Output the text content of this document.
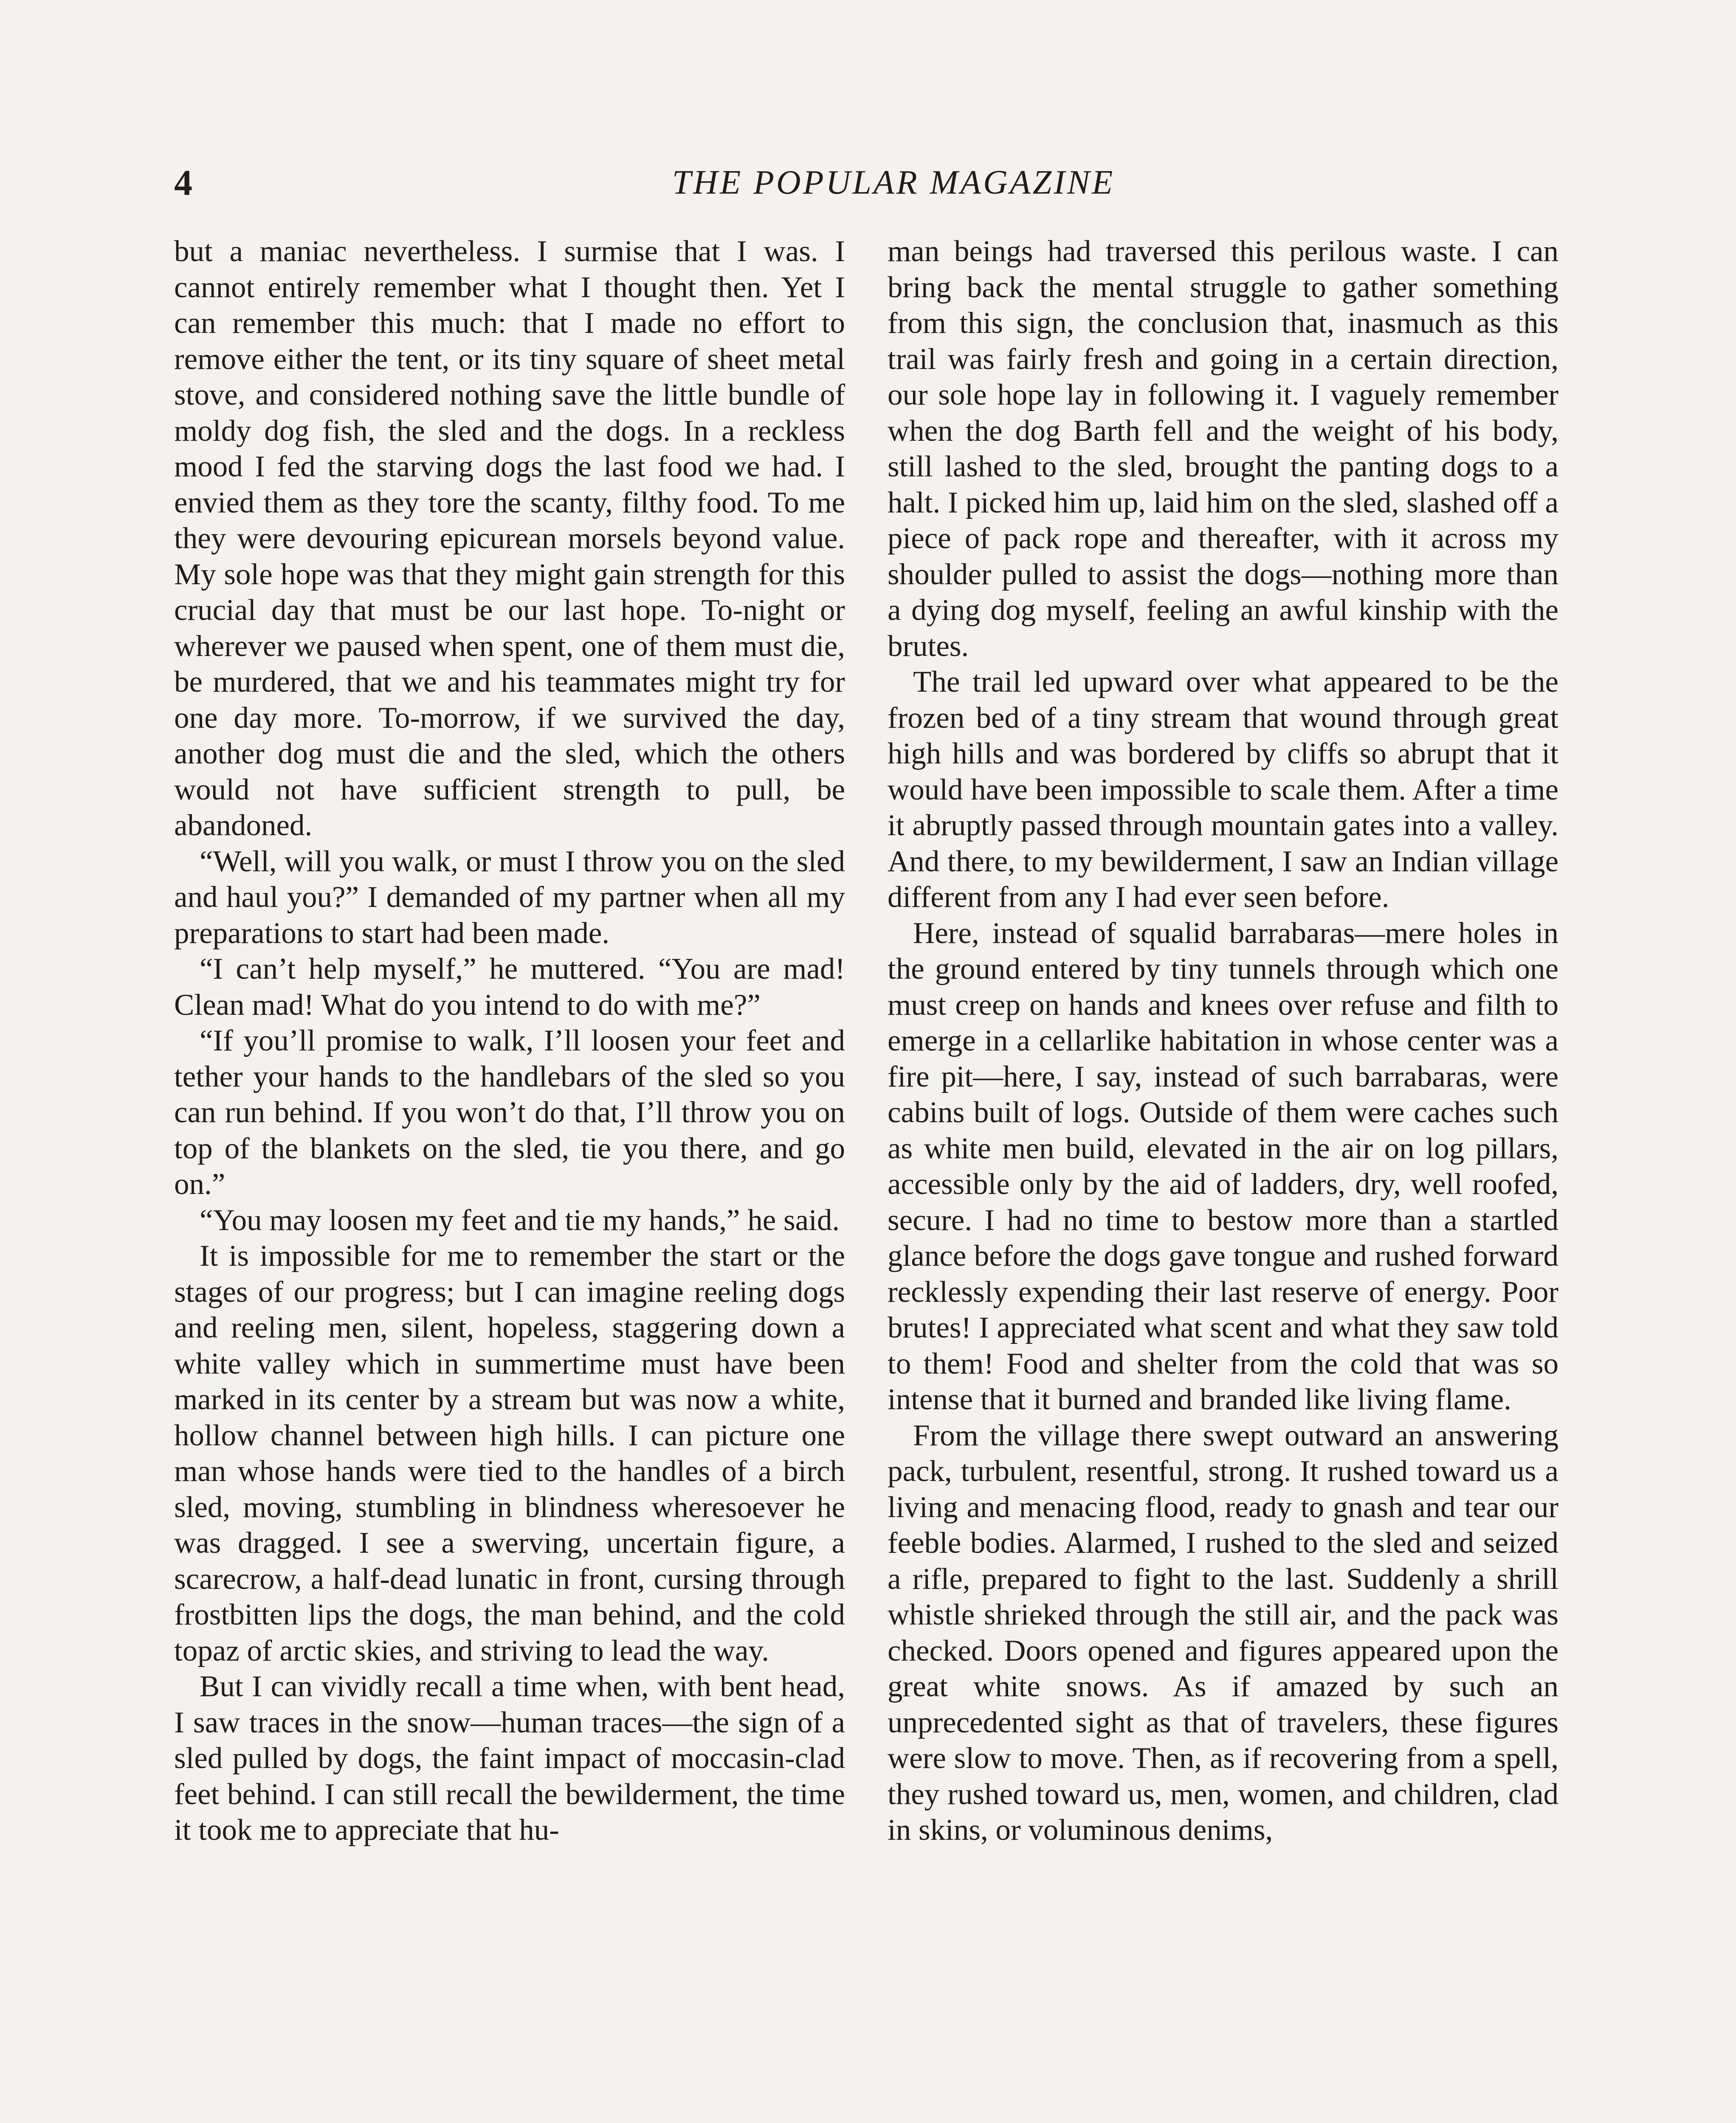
4	THE POPULAR MAGAZINE

but a maniac nevertheless. I surmise that I was. I cannot entirely remember what I thought then. Yet I can remember this much: that I made no effort to remove either the tent, or its tiny square of sheet metal stove, and considered nothing save the little bundle of moldy dog fish, the sled and the dogs. In a reckless mood I fed the starving dogs the last food we had. I envied them as they tore the scanty, filthy food. To me they were devouring epicurean morsels beyond value. My sole hope was that they might gain strength for this crucial day that must be our last hope. To-night or wherever we paused when spent, one of them must die, be murdered, that we and his teammates might try for one day more. To-morrow, if we survived the day, another dog must die and the sled, which the others would not have sufficient strength to pull, be abandoned.

“Well, will you walk, or must I throw you on the sled and haul you?” I demanded of my partner when all my preparations to start had been made.

“I can’t help myself,” he muttered. “You are mad! Clean mad! What do you intend to do with me?”

“If you’ll promise to walk, I’ll loosen your feet and tether your hands to the handlebars of the sled so you can run behind. If you won’t do that, I’ll throw you on top of the blankets on the sled, tie you there, and go on.”

“You may loosen my feet and tie my hands,” he said.

It is impossible for me to remember the start or the stages of our progress; but I can imagine reeling dogs and reeling men, silent, hopeless, staggering down a white valley which in summertime must have been marked in its center by a stream but was now a white, hollow channel between high hills. I can picture one man whose hands were tied to the handles of a birch sled, moving, stumbling in blindness wheresoever he was dragged. I see a swerving, uncertain figure, a scarecrow, a half-dead lunatic in front, cursing through frostbitten lips the dogs, the man behind, and the cold topaz of arctic skies, and striving to lead the way.

But I can vividly recall a time when, with bent head, I saw traces in the snow—human traces—the sign of a sled pulled by dogs, the faint impact of moccasin-clad feet behind. I can still recall the bewilderment, the time it took me to appreciate that hu-

man beings had traversed this perilous waste. I can bring back the mental struggle to gather something from this sign, the conclusion that, inasmuch as this trail was fairly fresh and going in a certain direction, our sole hope lay in following it. I vaguely remember when the dog Barth fell and the weight of his body, still lashed to the sled, brought the panting dogs to a halt. I picked him up, laid him on the sled, slashed off a piece of pack rope and thereafter, with it across my shoulder pulled to assist the dogs—nothing more than a dying dog myself, feeling an awful kinship with the brutes.

The trail led upward over what appeared to be the frozen bed of a tiny stream that wound through great high hills and was bordered by cliffs so abrupt that it would have been impossible to scale them. After a time it abruptly passed through mountain gates into a valley. And there, to my bewilderment, I saw an Indian village different from any I had ever seen before.

Here, instead of squalid barrabaras—mere holes in the ground entered by tiny tunnels through which one must creep on hands and knees over refuse and filth to emerge in a cellarlike habitation in whose center was a fire pit—here, I say, instead of such barrabaras, were cabins built of logs. Outside of them were caches such as white men build, elevated in the air on log pillars, accessible only by the aid of ladders, dry, well roofed, secure. I had no time to bestow more than a startled glance before the dogs gave tongue and rushed forward recklessly expending their last reserve of energy. Poor brutes! I appreciated what scent and what they saw told to them! Food and shelter from the cold that was so intense that it burned and branded like living flame.

From the village there swept outward an answering pack, turbulent, resentful, strong. It rushed toward us a living and menacing flood, ready to gnash and tear our feeble bodies. Alarmed, I rushed to the sled and seized a rifle, prepared to fight to the last. Suddenly a shrill whistle shrieked through the still air, and the pack was checked. Doors opened and figures appeared upon the great white snows. As if amazed by such an unprecedented sight as that of travelers, these figures were slow to move. Then, as if recovering from a spell, they rushed toward us, men, women, and children, clad in skins, or voluminous denims,
